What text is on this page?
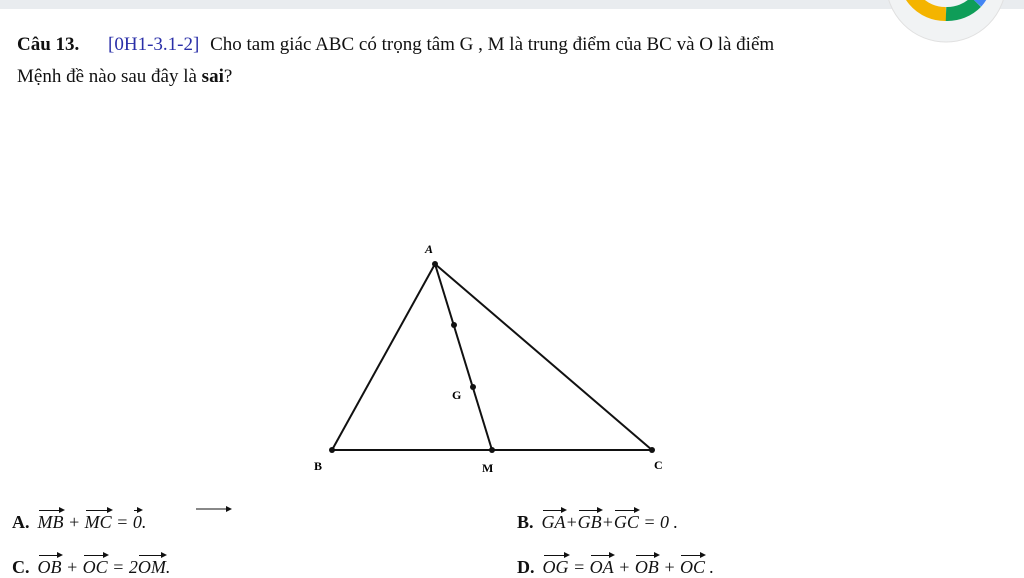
Câu 13. [0H1-3.1-2] Cho tam giác ABC có trọng tâm G , M là trung điểm của BC và O là điểm
Mệnh đề nào sau đây là sai?
A
G
B	M	C
A. MB + MC = 0.	B. GA+GB+GC = 0 .
C. OB + OC = 2OM.	D. OG = OA + OB + OC .
